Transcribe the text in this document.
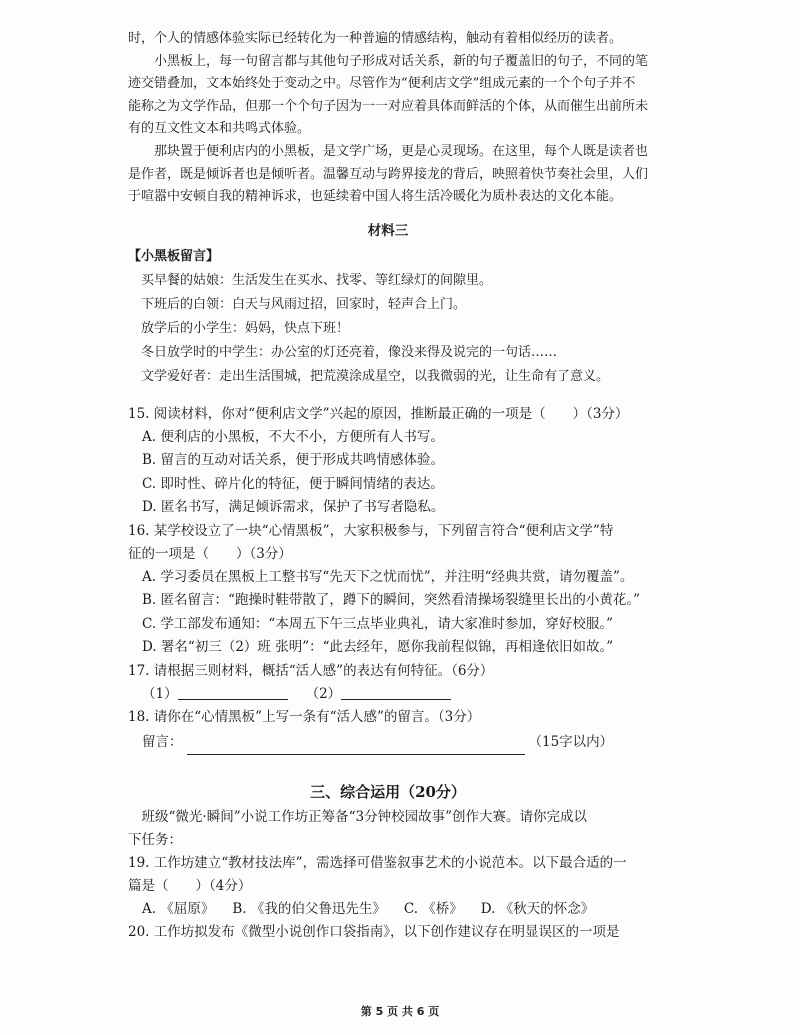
时，个人的情感体验实际已经转化为一种普遍的情感结构，触动有着相似经历的读者。

小黑板上，每一句留言都与其他句子形成对话关系，新的句子覆盖旧的句子，不同的笔迹交错叠加，文本始终处于变动之中。尽管作为“便利店文学”组成元素的一个个句子并不能称之为文学作品，但那一个个句子因为一一对应着具体而鲜活的个体，从而催生出前所未有的互文性文本和共鸣式体验。

那块置于便利店内的小黑板，是文学广场，更是心灵现场。在这里，每个人既是读者也是作者，既是倾诉者也是倾听者。温馨互动与跨界接龙的背后，映照着快节奏社会里，人们于喧嚣中安顿自我的精神诉求，也延续着中国人将生活冷暖化为质朴表达的文化本能。

材料三

【小黑板留言】

买早餐的姑娘：生活发生在买水、找零、等红绿灯的间隙里。

下班后的白领：白天与风雨过招，回家时，轻声合上门。

放学后的小学生：妈妈，快点下班！

冬日放学时的中学生：办公室的灯还亮着，像没来得及说完的一句话……

文学爱好者：走出生活围城，把荒漠涂成星空，以我微弱的光，让生命有了意义。

15. 阅读材料，你对“便利店文学”兴起的原因，推断最正确的一项是（　　）（3分）

A. 便利店的小黑板，不大不小，方便所有人书写。

B. 留言的互动对话关系，便于形成共鸣情感体验。

C. 即时性、碎片化的特征，便于瞬间情绪的表达。

D. 匿名书写，满足倾诉需求，保护了书写者隐私。

16. 某学校设立了一块“心情黑板”，大家积极参与，下列留言符合“便利店文学”特

征的一项是（　　）（3分）

A. 学习委员在黑板上工整书写“先天下之忧而忧”，并注明“经典共赏，请勿覆盖”。

B. 匿名留言：“跑操时鞋带散了，蹲下的瞬间，突然看清操场裂缝里长出的小黄花。”

C. 学工部发布通知：“本周五下午三点毕业典礼，请大家准时参加，穿好校服。”

D. 署名“初三（2）班 张明”：“此去经年，愿你我前程似锦，再相逢依旧如故。”

17. 请根据三则材料，概括“活人感”的表达有何特征。（6分）

（1）	（2）

18. 请你在“心情黑板”上写一条有“活人感”的留言。（3分）

留言：	（15字以内）
三、综合运用（20分）

班级“微光·瞬间”小说工作坊正筹备“3分钟校园故事”创作大赛。请你完成以

下任务：

19. 工作坊建立“教材技法库”，需选择可借鉴叙事艺术的小说范本。以下最合适的一

篇是（　　）（4分）

A. 《屈原》 B. 《我的伯父鲁迅先生》 C. 《桥》 D. 《秋天的怀念》

20. 工作坊拟发布《微型小说创作口袋指南》，以下创作建议存在明显误区的一项是

第 5 页 共 6 页
